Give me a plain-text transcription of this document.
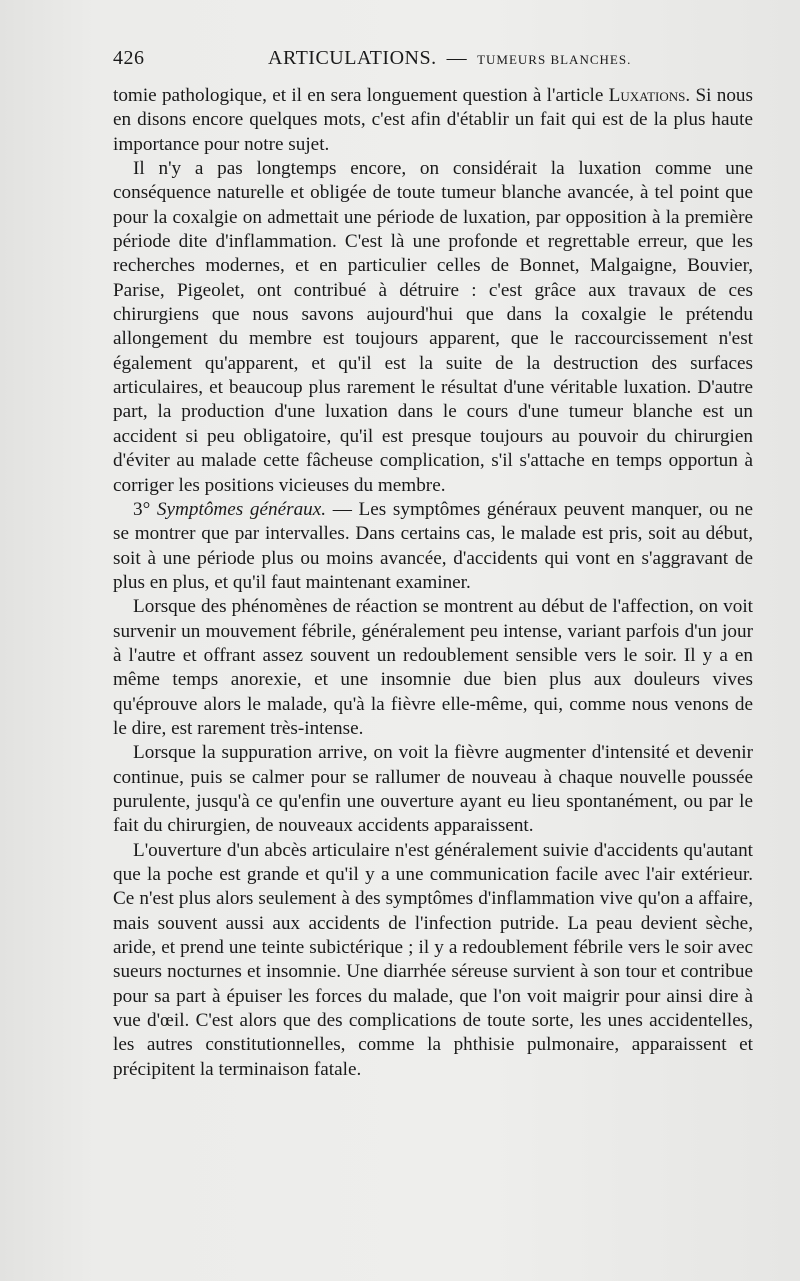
426	ARTICULATIONS. — TUMEURS BLANCHES.

tomie pathologique, et il en sera longuement question à l'article Luxations. Si nous en disons encore quelques mots, c'est afin d'établir un fait qui est de la plus haute importance pour notre sujet.

Il n'y a pas longtemps encore, on considérait la luxation comme une conséquence naturelle et obligée de toute tumeur blanche avancée, à tel point que pour la coxalgie on admettait une période de luxation, par opposition à la première période dite d'inflammation. C'est là une profonde et regrettable erreur, que les recherches modernes, et en particulier celles de Bonnet, Malgaigne, Bouvier, Parise, Pigeolet, ont contribué à détruire : c'est grâce aux travaux de ces chirurgiens que nous savons aujourd'hui que dans la coxalgie le prétendu allongement du membre est toujours apparent, que le raccourcissement n'est également qu'apparent, et qu'il est la suite de la destruction des surfaces articulaires, et beaucoup plus rarement le résultat d'une véritable luxation. D'autre part, la production d'une luxation dans le cours d'une tumeur blanche est un accident si peu obligatoire, qu'il est presque toujours au pouvoir du chirurgien d'éviter au malade cette fâcheuse complication, s'il s'attache en temps opportun à corriger les positions vicieuses du membre.

3° Symptômes généraux. — Les symptômes généraux peuvent manquer, ou ne se montrer que par intervalles. Dans certains cas, le malade est pris, soit au début, soit à une période plus ou moins avancée, d'accidents qui vont en s'aggravant de plus en plus, et qu'il faut maintenant examiner.

Lorsque des phénomènes de réaction se montrent au début de l'affection, on voit survenir un mouvement fébrile, généralement peu intense, variant parfois d'un jour à l'autre et offrant assez souvent un redoublement sensible vers le soir. Il y a en même temps anorexie, et une insomnie due bien plus aux douleurs vives qu'éprouve alors le malade, qu'à la fièvre elle-même, qui, comme nous venons de le dire, est rarement très-intense.

Lorsque la suppuration arrive, on voit la fièvre augmenter d'intensité et devenir continue, puis se calmer pour se rallumer de nouveau à chaque nouvelle poussée purulente, jusqu'à ce qu'enfin une ouverture ayant eu lieu spontanément, ou par le fait du chirurgien, de nouveaux accidents apparaissent.

L'ouverture d'un abcès articulaire n'est généralement suivie d'accidents qu'autant que la poche est grande et qu'il y a une communication facile avec l'air extérieur. Ce n'est plus alors seulement à des symptômes d'inflammation vive qu'on a affaire, mais souvent aussi aux accidents de l'infection putride. La peau devient sèche, aride, et prend une teinte subictérique ; il y a redoublement fébrile vers le soir avec sueurs nocturnes et insomnie. Une diarrhée séreuse survient à son tour et contribue pour sa part à épuiser les forces du malade, que l'on voit maigrir pour ainsi dire à vue d'œil. C'est alors que des complications de toute sorte, les unes accidentelles, les autres constitutionnelles, comme la phthisie pulmonaire, apparaissent et précipitent la terminaison fatale.
